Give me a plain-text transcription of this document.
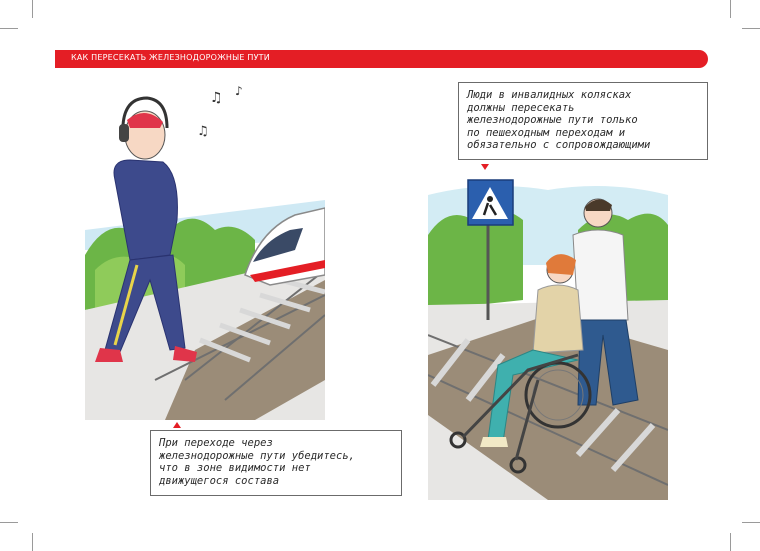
КАК ПЕРЕСЕКАТЬ ЖЕЛЕЗНОДОРОЖНЫЕ ПУТИ
♫ ♪
♫
При переходе через
железнодорожные пути убедитесь,
что в зоне видимости нет
движущегося состава
Люди в инвалидных колясках
должны пересекать
железнодорожные пути только
по пешеходным переходам и
обязательно с сопровождающими
